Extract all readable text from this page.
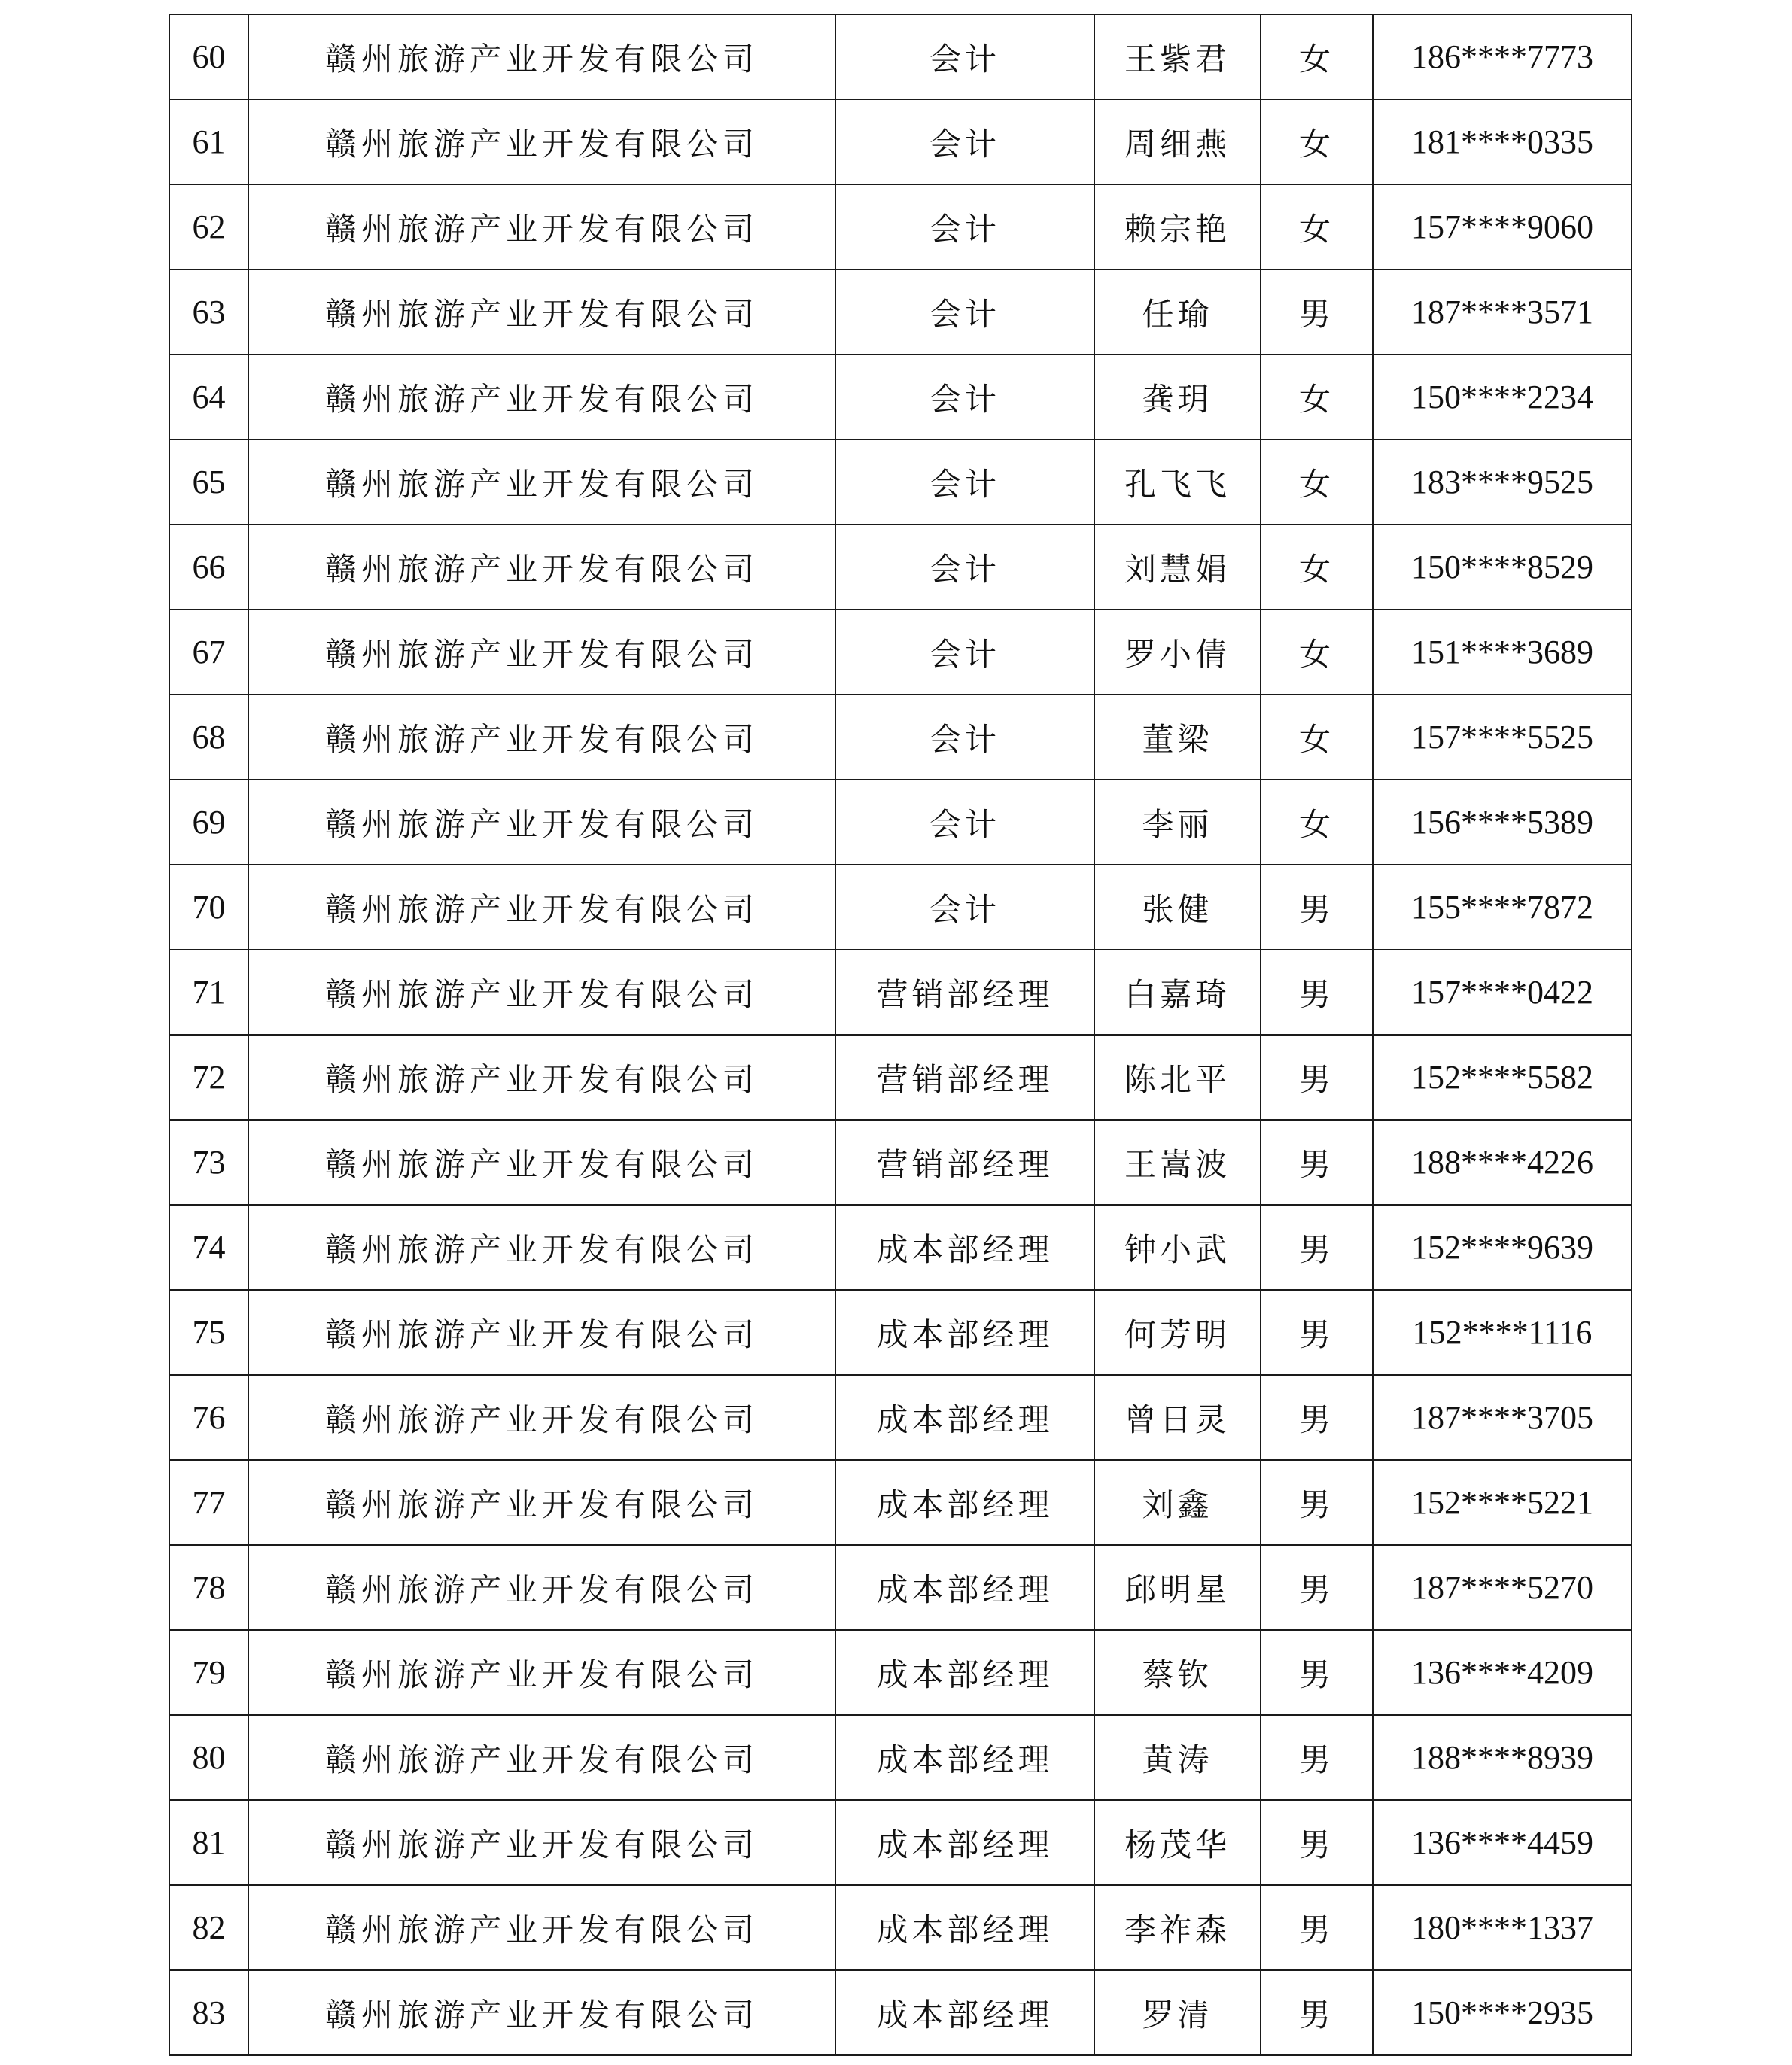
60	赣州旅游产业开发有限公司	会计	王紫君	女	186****7773
61	赣州旅游产业开发有限公司	会计	周细燕	女	181****0335
62	赣州旅游产业开发有限公司	会计	赖宗艳	女	157****9060
63	赣州旅游产业开发有限公司	会计	任瑜	男	187****3571
64	赣州旅游产业开发有限公司	会计	龚玥	女	150****2234
65	赣州旅游产业开发有限公司	会计	孔飞飞	女	183****9525
66	赣州旅游产业开发有限公司	会计	刘慧娟	女	150****8529
67	赣州旅游产业开发有限公司	会计	罗小倩	女	151****3689
68	赣州旅游产业开发有限公司	会计	董梁	女	157****5525
69	赣州旅游产业开发有限公司	会计	李丽	女	156****5389
70	赣州旅游产业开发有限公司	会计	张健	男	155****7872
71	赣州旅游产业开发有限公司	营销部经理	白嘉琦	男	157****0422
72	赣州旅游产业开发有限公司	营销部经理	陈北平	男	152****5582
73	赣州旅游产业开发有限公司	营销部经理	王嵩波	男	188****4226
74	赣州旅游产业开发有限公司	成本部经理	钟小武	男	152****9639
75	赣州旅游产业开发有限公司	成本部经理	何芳明	男	152****1116
76	赣州旅游产业开发有限公司	成本部经理	曾日灵	男	187****3705
77	赣州旅游产业开发有限公司	成本部经理	刘鑫	男	152****5221
78	赣州旅游产业开发有限公司	成本部经理	邱明星	男	187****5270
79	赣州旅游产业开发有限公司	成本部经理	蔡钦	男	136****4209
80	赣州旅游产业开发有限公司	成本部经理	黄涛	男	188****8939
81	赣州旅游产业开发有限公司	成本部经理	杨茂华	男	136****4459
82	赣州旅游产业开发有限公司	成本部经理	李祚森	男	180****1337
83	赣州旅游产业开发有限公司	成本部经理	罗清	男	150****2935
